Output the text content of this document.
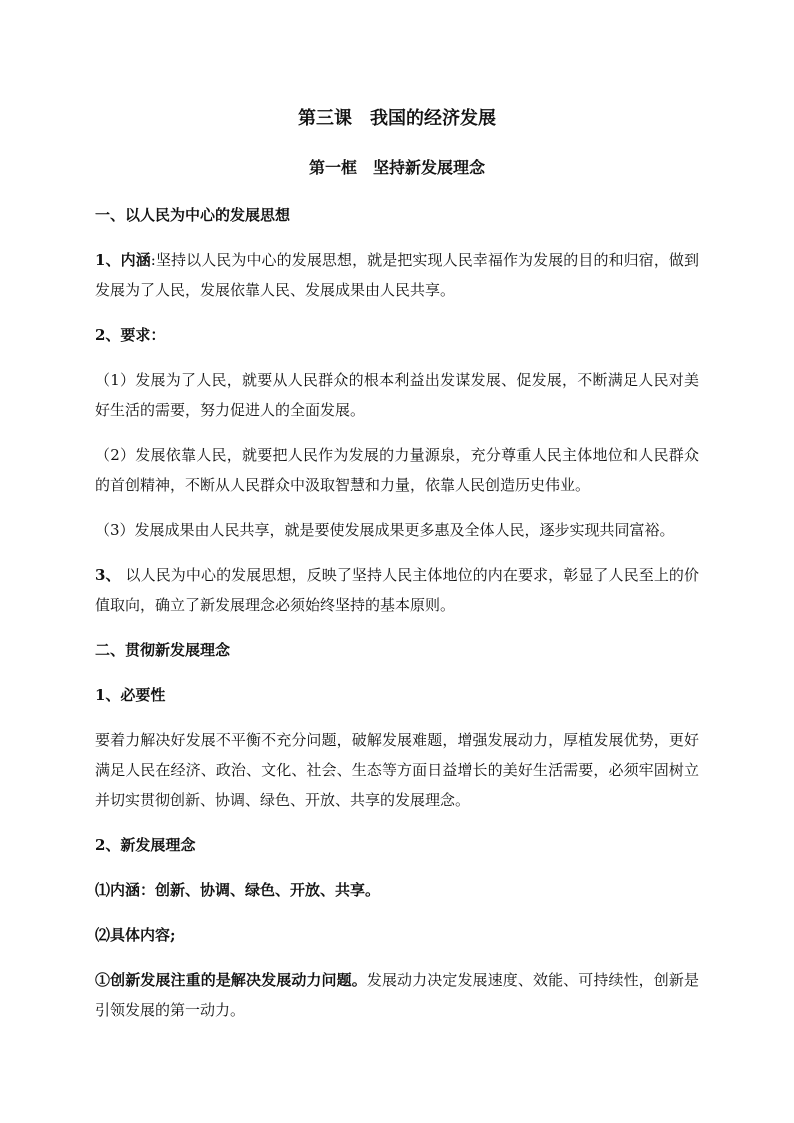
第三课　我国的经济发展
第一框　坚持新发展理念

一、以人民为中心的发展思想

1、内涵:坚持以人民为中心的发展思想，就是把实现人民幸福作为发展的目的和归宿，做到发展为了人民，发展依靠人民、发展成果由人民共享。

2、要求：

（1）发展为了人民，就要从人民群众的根本利益出发谋发展、促发展，不断满足人民对美好生活的需要，努力促进人的全面发展。

（2）发展依靠人民，就要把人民作为发展的力量源泉，充分尊重人民主体地位和人民群众的首创精神，不断从人民群众中汲取智慧和力量，依靠人民创造历史伟业。

（3）发展成果由人民共享，就是要使发展成果更多惠及全体人民，逐步实现共同富裕。

3、 以人民为中心的发展思想，反映了坚持人民主体地位的内在要求，彰显了人民至上的价值取向，确立了新发展理念必须始终坚持的基本原则。

二、贯彻新发展理念

1、必要性

要着力解决好发展不平衡不充分问题，破解发展难题，增强发展动力，厚植发展优势，更好满足人民在经济、政治、文化、社会、生态等方面日益增长的美好生活需要，必须牢固树立并切实贯彻创新、协调、绿色、开放、共享的发展理念。

2、新发展理念

⑴内涵：创新、协调、绿色、开放、共享。

⑵具体内容;

①创新发展注重的是解决发展动力问题。发展动力决定发展速度、效能、可持续性，创新是引领发展的第一动力。
